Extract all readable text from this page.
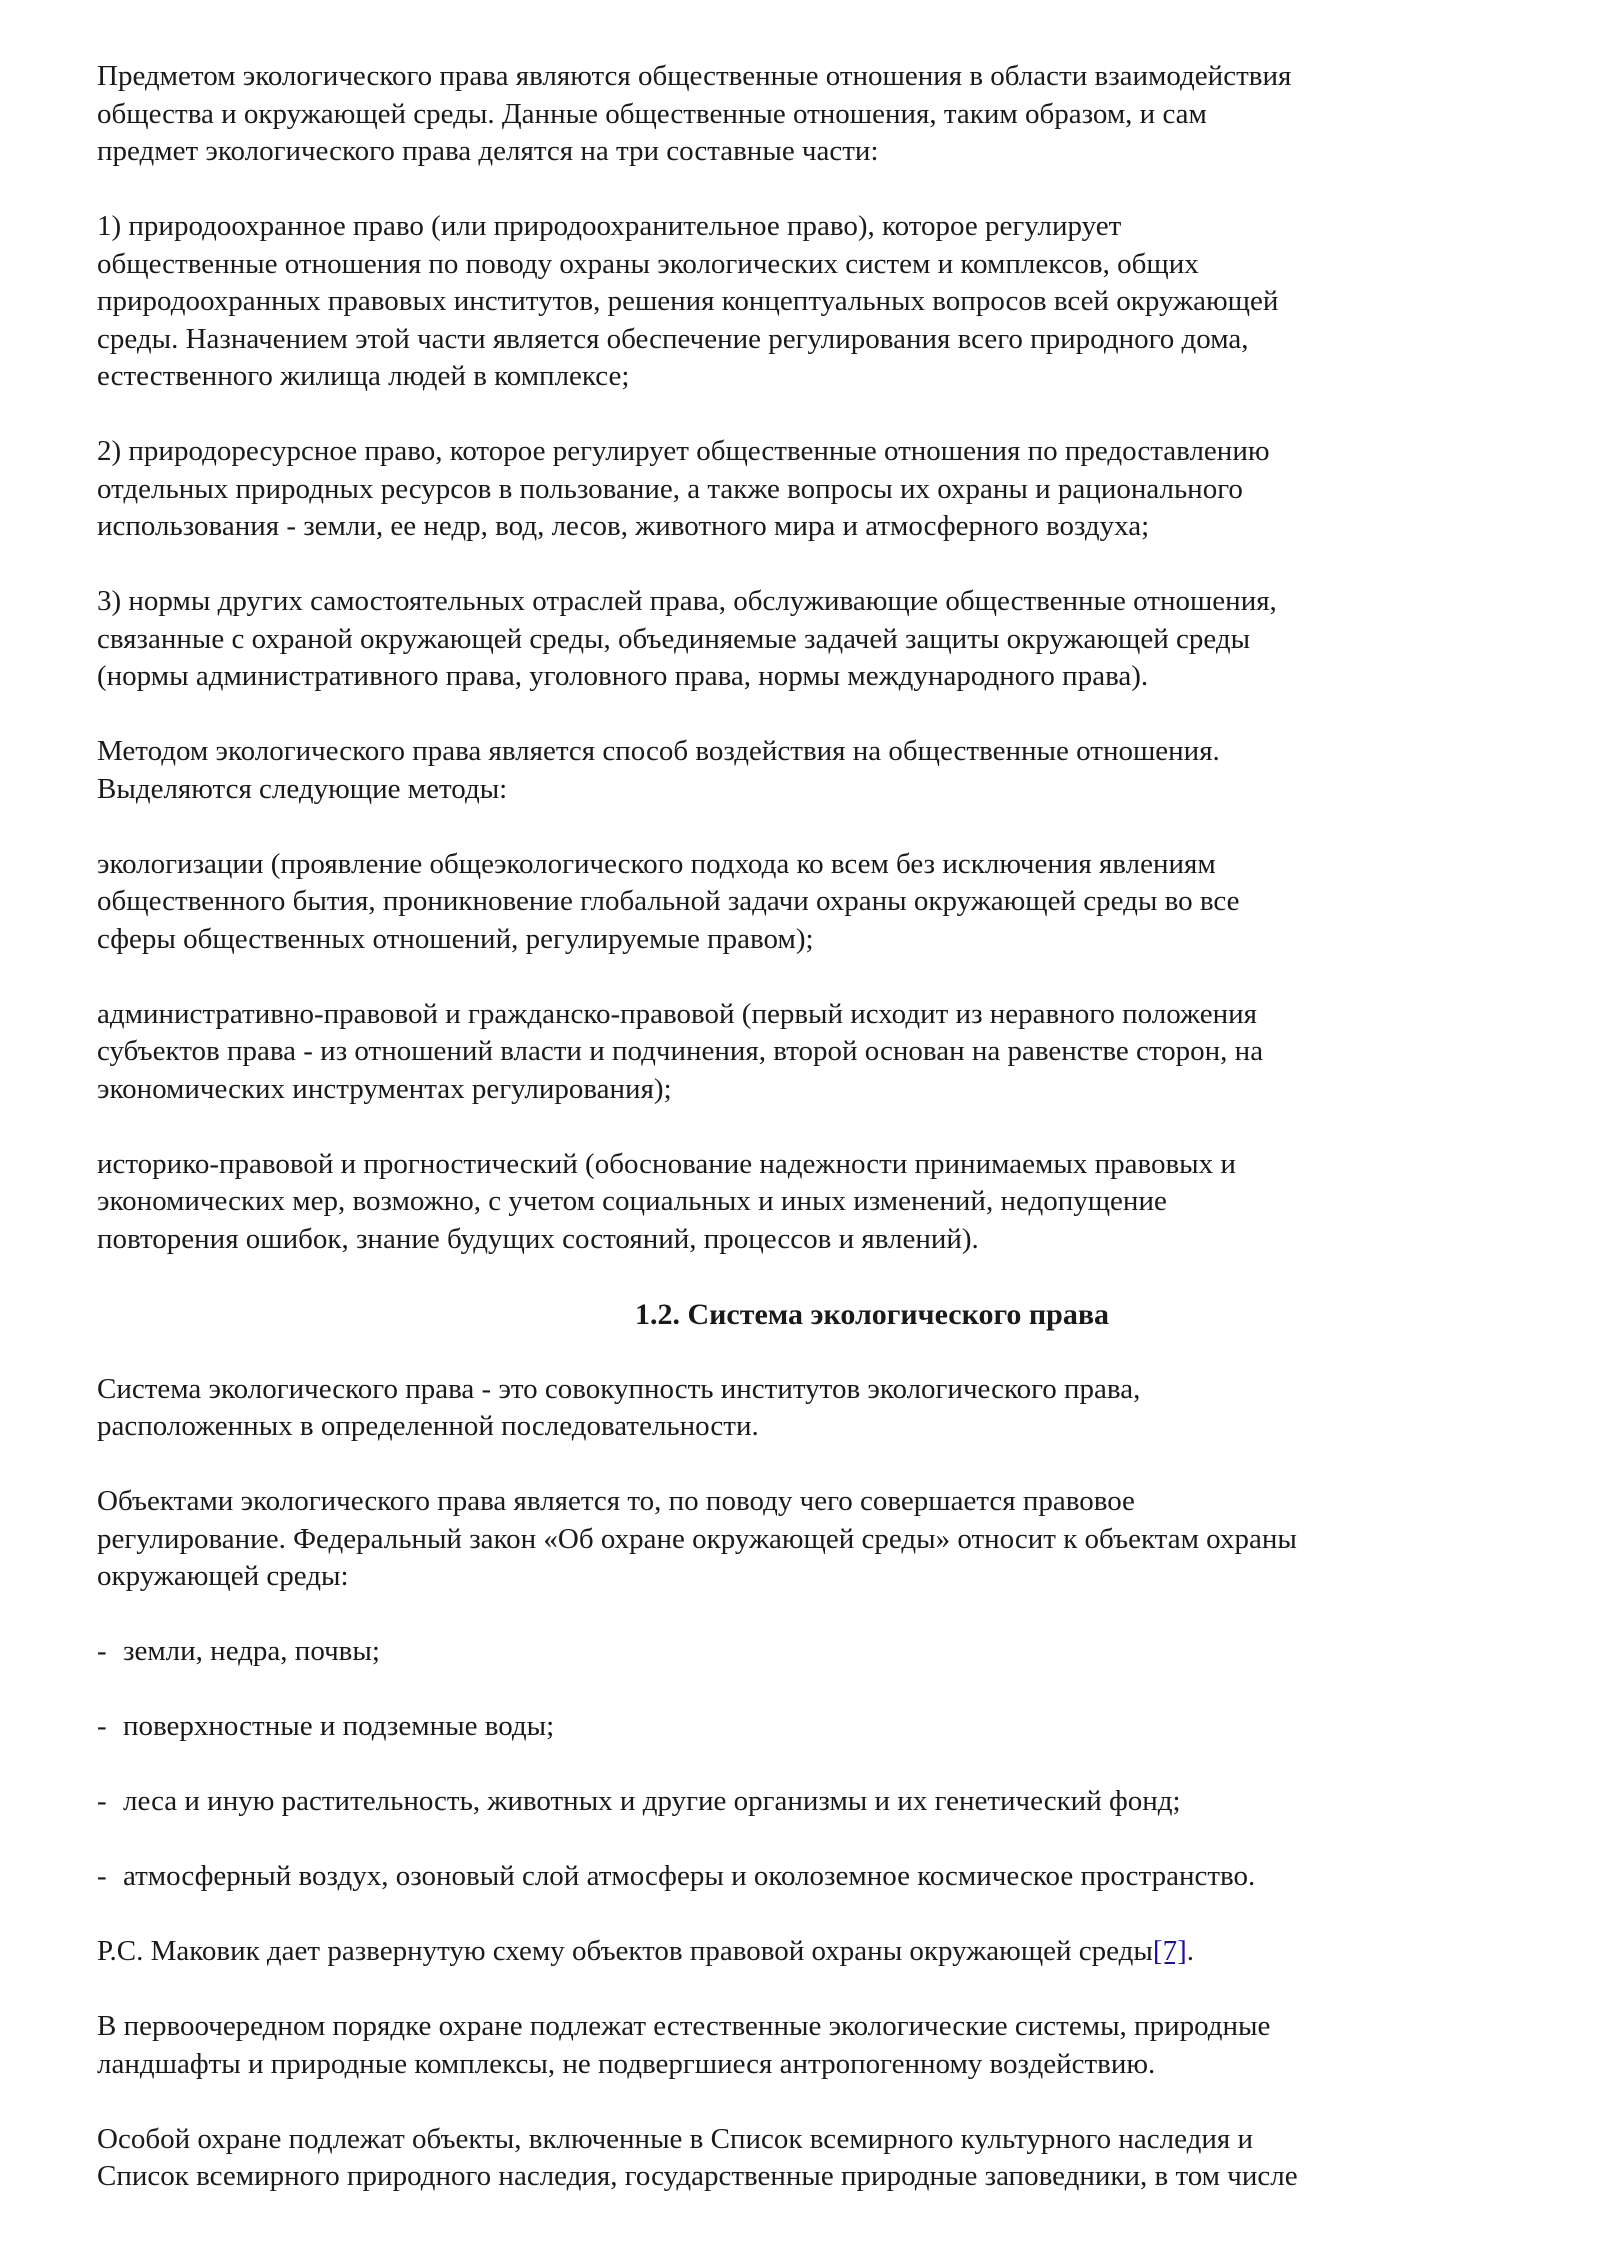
Предметом экологического права являются общественные отношения в области взаимодействия
общества и окружающей среды. Данные общественные отношения, таким образом, и сам
предмет экологического права делятся на три составные части:

1) природоохранное право (или природоохранительное право), которое регулирует
общественные отношения по поводу охраны экологических систем и комплексов, общих
природоохранных правовых институтов, решения концептуальных вопросов всей окружающей
среды. Назначением этой части является обеспечение регулирования всего природного дома,
естественного жилища людей в комплексе;

2) природоресурсное право, которое регулирует общественные отношения по предоставлению
отдельных природных ресурсов в пользование, а также вопросы их охраны и рационального
использования - земли, ее недр, вод, лесов, животного мира и атмосферного воздуха;

3) нормы других самостоятельных отраслей права, обслуживающие общественные отношения,
связанные с охраной окружающей среды, объединяемые задачей защиты окружающей среды
(нормы административного права, уголовного права, нормы международного права).

Методом экологического права является способ воздействия на общественные отношения.
Выделяются следующие методы:

экологизации (проявление общеэкологического подхода ко всем без исключения явлениям
общественного бытия, проникновение глобальной задачи охраны окружающей среды во все
сферы общественных отношений, регулируемые правом);

административно-правовой и гражданско-правовой (первый исходит из неравного положения
субъектов права - из отношений власти и подчинения, второй основан на равенстве сторон, на
экономических инструментах регулирования);

историко-правовой и прогностический (обоснование надежности принимаемых правовых и
экономических мер, возможно, с учетом социальных и иных изменений, недопущение
повторения ошибок, знание будущих состояний, процессов и явлений).

1.2. Система экологического права

Система экологического права - это совокупность институтов экологического права,
расположенных в определенной последовательности.

Объектами экологического права является то, по поводу чего совершается правовое
регулирование. Федеральный закон «Об охране окружающей среды» относит к объектам охраны
окружающей среды:

- земли, недра, почвы;
- поверхностные и подземные воды;
- леса и иную растительность, животных и другие организмы и их генетический фонд;
- атмосферный воздух, озоновый слой атмосферы и околоземное космическое пространство.

Р.С. Маковик дает развернутую схему объектов правовой охраны окружающей среды[7].

В первоочередном порядке охране подлежат естественные экологические системы, природные
ландшафты и природные комплексы, не подвергшиеся антропогенному воздействию.

Особой охране подлежат объекты, включенные в Список всемирного культурного наследия и
Список всемирного природного наследия, государственные природные заповедники, в том числе
